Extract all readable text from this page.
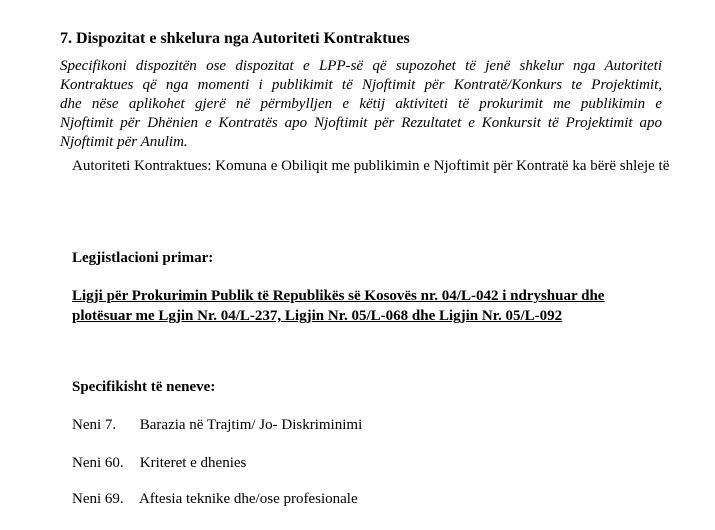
7. Dispozitat e shkelura nga Autoriteti Kontraktues

Specifikoni dispozitën ose dispozitat e LPP-së që supozohet të jenë shkelur nga Autoriteti
Kontraktues që nga momenti i publikimit të Njoftimit për Kontratë/Konkurs te Projektimit,
dhe nëse aplikohet gjerë në përmbylljen e këtij aktiviteti të prokurimit me publikimin e
Njoftimit për Dhënien e Kontratës apo Njoftimit për Rezultatet e Konkursit të Projektimit apo
Njoftimit për Anulim.

Autoriteti Kontraktues: Komuna e Obiliqit me publikimin e Njoftimit për Kontratë ka bërë shleje të

Legjistlacioni primar:

Ligji për Prokurimin Publik të Republikës së Kosovës nr. 04/L-042 i ndryshuar dhe
plotësuar me Lgjin Nr. 04/L-237, Ligjin Nr. 05/L-068 dhe Ligjin Nr. 05/L-092

Specifikisht të neneve:
Neni 7. Barazia në Trajtim/ Jo- Diskriminimi
Neni 60. Kriteret e dhenies
Neni 69. Aftesia teknike dhe/ose profesionale
